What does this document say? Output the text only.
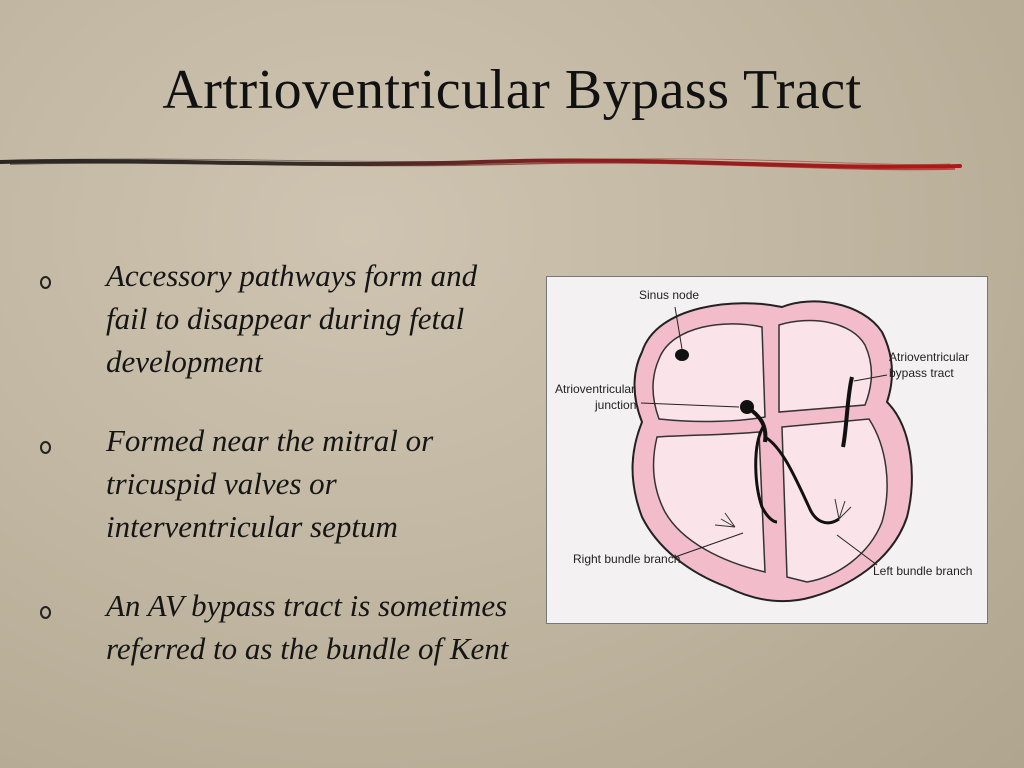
Artrioventricular Bypass Tract
Accessory pathways form and fail to disappear during fetal development
Formed near the mitral or tricuspid valves or interventricular septum
An AV bypass tract is sometimes referred to as the bundle of Kent
Sinus node
Atrioventricular
junction
Atrioventricular
bypass tract
Right bundle branch
Left bundle branch
